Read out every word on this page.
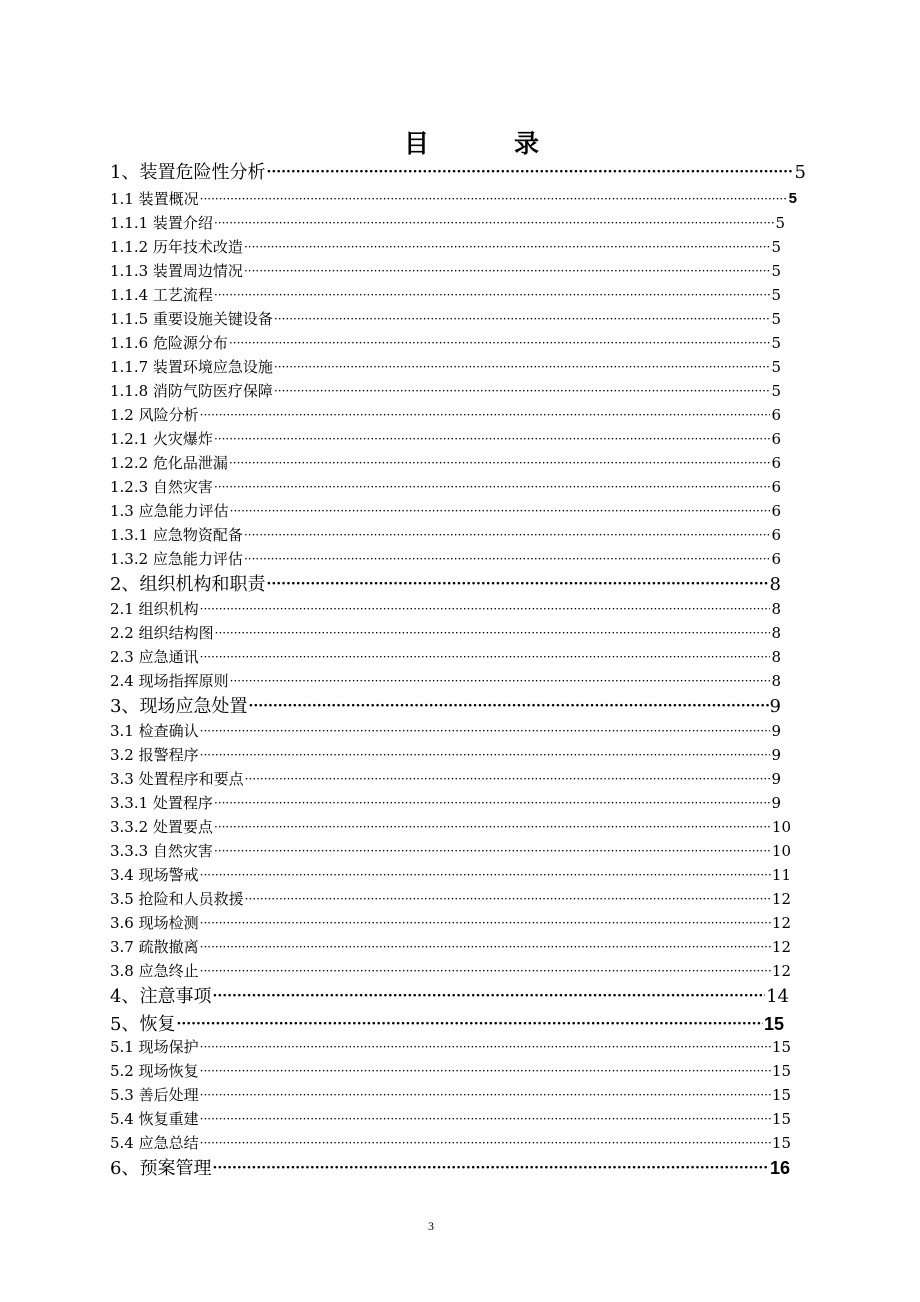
目	录
1、装置危险性分析 ·····	5
1.1 装置概况 ·····	5
1.1.1 装置介绍 ·····	5
1.1.2 历年技术改造 ·····	5
1.1.3 装置周边情况 ·····	5
1.1.4 工艺流程 ·····	5
1.1.5 重要设施关键设备 ·····	5
1.1.6 危险源分布 ·····	5
1.1.7 装置环境应急设施 ·····	5
1.1.8 消防气防医疗保障 ·····	5
1.2 风险分析 ·····	6
1.2.1 火灾爆炸 ·····	6
1.2.2 危化品泄漏 ·····	6
1.2.3 自然灾害 ·····	6
1.3 应急能力评估 ·····	6
1.3.1 应急物资配备 ·····	6
1.3.2 应急能力评估 ·····	6
2、组织机构和职责 ·····	8
2.1 组织机构 ·····	8
2.2 组织结构图 ·····	8
2.3 应急通讯 ·····	8
2.4 现场指挥原则 ·····	8
3、现场应急处置 ·····	9
3.1 检查确认 ·····	9
3.2 报警程序 ·····	9
3.3 处置程序和要点 ·····	9
3.3.1 处置程序 ·····	9
3.3.2 处置要点 ·····	10
3.3.3 自然灾害 ·····	10
3.4 现场警戒 ·····	11
3.5 抢险和人员救援 ·····	12
3.6 现场检测 ·····	12
3.7 疏散撤离 ·····	12
3.8 应急终止 ·····	12
4、注意事项 ·····	14
5、恢复 ·····	15
5.1 现场保护 ·····	15
5.2 现场恢复 ·····	15
5.3 善后处理 ·····	15
5.4 恢复重建 ·····	15
5.4 应急总结 ·····	15
6、预案管理 ·····	16
3
